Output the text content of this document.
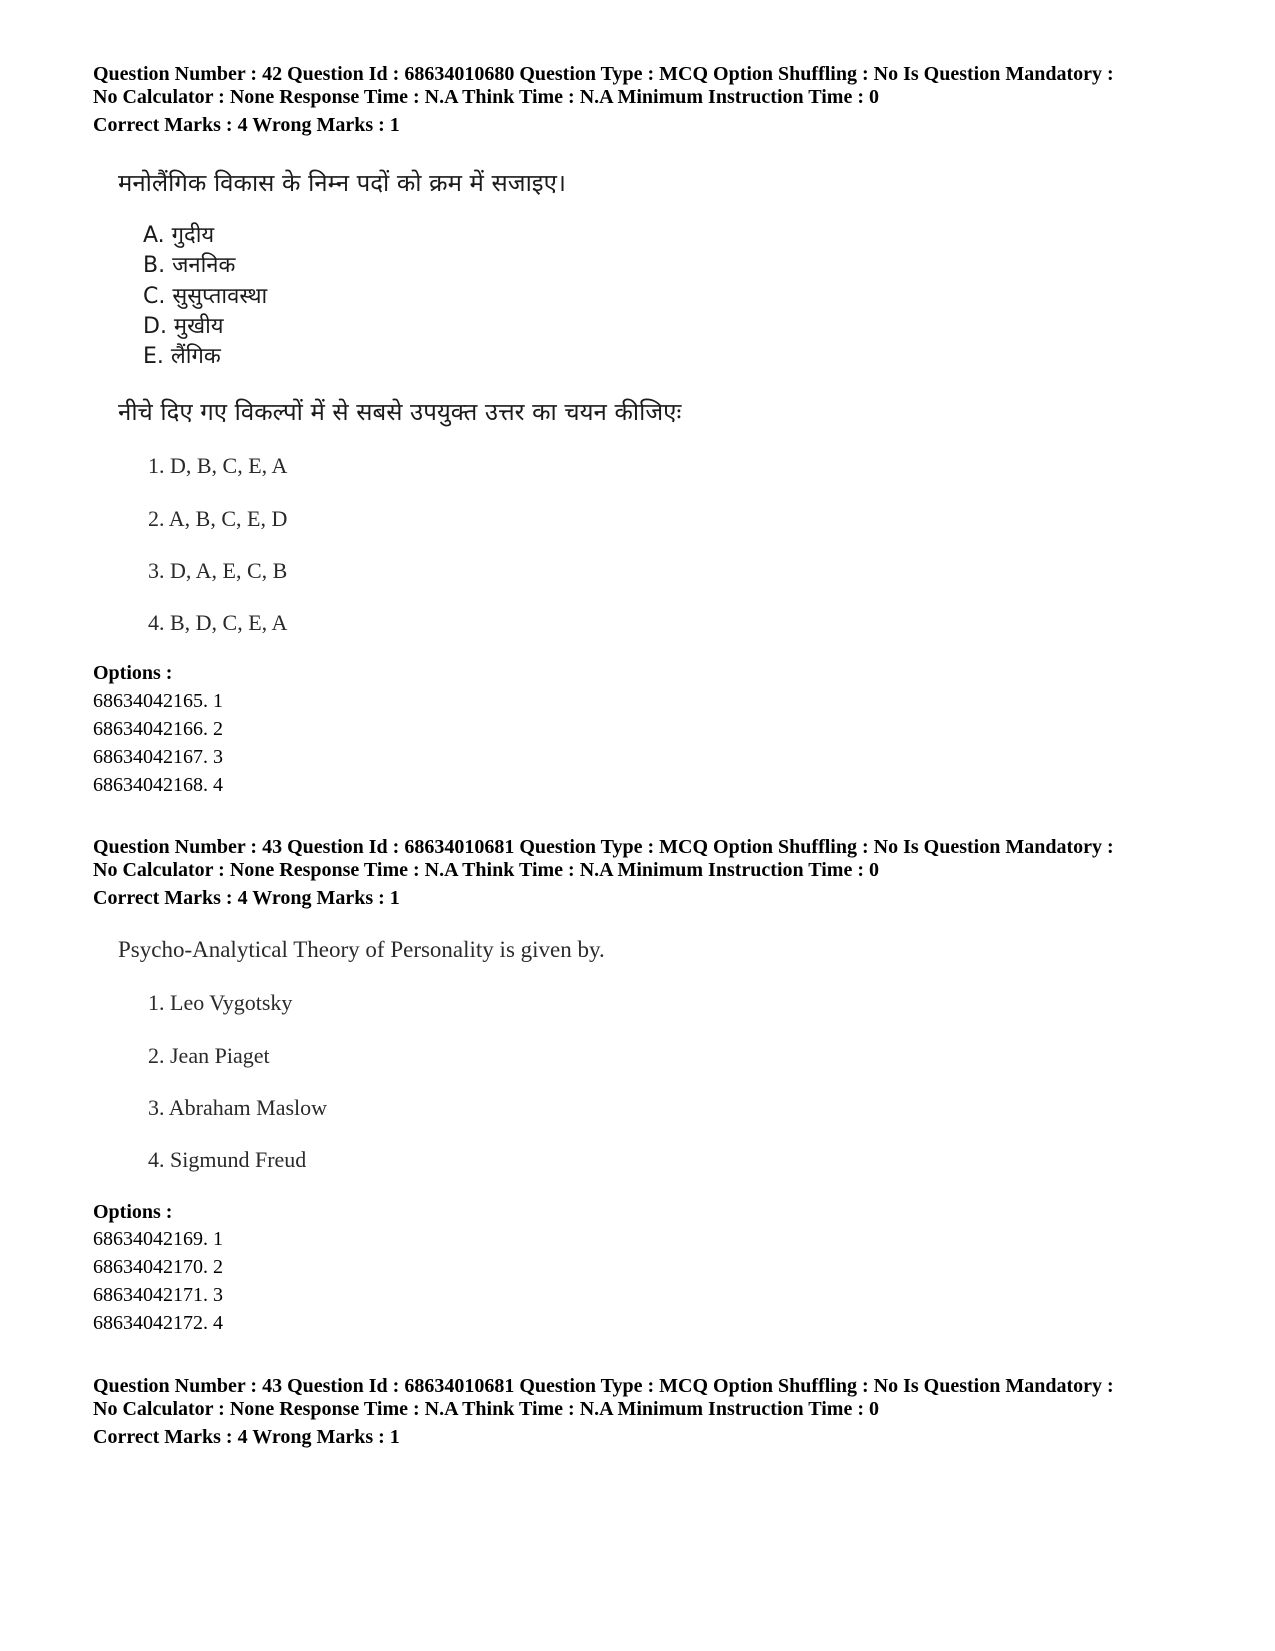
Question Number : 42 Question Id : 68634010680 Question Type : MCQ Option Shuffling : No Is Question Mandatory :
No Calculator : None Response Time : N.A Think Time : N.A Minimum Instruction Time : 0
Correct Marks : 4 Wrong Marks : 1
मनोलैंगिक विकास के निम्न पदों को क्रम में सजाइए।
A. गुदीय
B. जननिक
C. सुसुप्तावस्था
D. मुखीय
E. लैंगिक
नीचे दिए गए विकल्पों में से सबसे उपयुक्त उत्तर का चयन कीजिएः
1. D, B, C, E, A
2. A, B, C, E, D
3. D, A, E, C, B
4. B, D, C, E, A
Options :
68634042165. 1
68634042166. 2
68634042167. 3
68634042168. 4
Question Number : 43 Question Id : 68634010681 Question Type : MCQ Option Shuffling : No Is Question Mandatory :
No Calculator : None Response Time : N.A Think Time : N.A Minimum Instruction Time : 0
Correct Marks : 4 Wrong Marks : 1
Psycho-Analytical Theory of Personality is given by.
1. Leo Vygotsky
2. Jean Piaget
3. Abraham Maslow
4. Sigmund Freud
Options :
68634042169. 1
68634042170. 2
68634042171. 3
68634042172. 4
Question Number : 43 Question Id : 68634010681 Question Type : MCQ Option Shuffling : No Is Question Mandatory :
No Calculator : None Response Time : N.A Think Time : N.A Minimum Instruction Time : 0
Correct Marks : 4 Wrong Marks : 1
